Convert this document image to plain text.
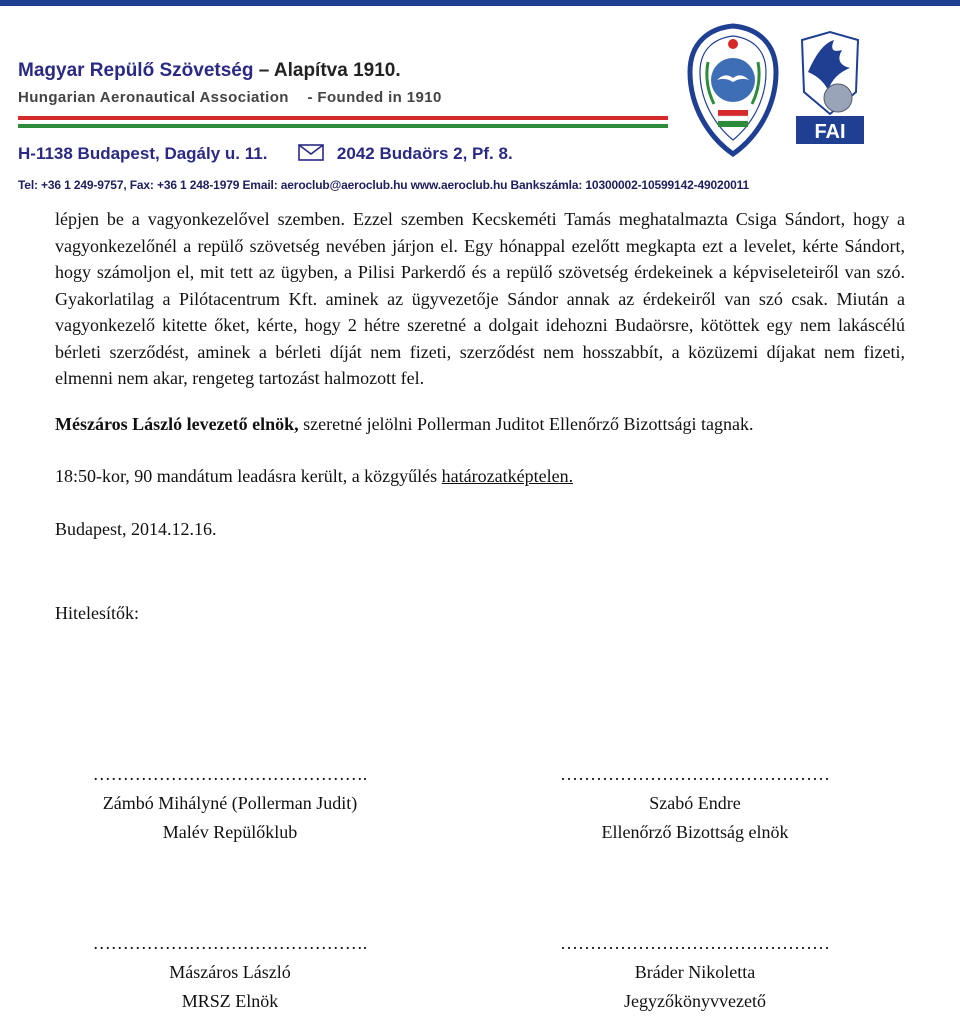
Magyar Repülő Szövetség – Alapítva 1910.
Hungarian Aeronautical Association - Founded in 1910
H-1138 Budapest, Dagály u. 11.	2042 Budaörs 2, Pf. 8.
Tel: +36 1 249-9757, Fax: +36 1 248-1979 Email: aeroclub@aeroclub.hu www.aeroclub.hu Bankszámla: 10300002-10599142-49020011
FAI

lépjen be a vagyonkezelővel szemben. Ezzel szemben Kecskeméti Tamás meghatalmazta Csiga Sándort, hogy a vagyonkezelőnél a repülő szövetség nevében járjon el. Egy hónappal ezelőtt megkapta ezt a levelet, kérte Sándort, hogy számoljon el, mit tett az ügyben, a Pilisi Parkerdő és a repülő szövetség érdekeinek a képviseleteiről van szó. Gyakorlatilag a Pilótacentrum Kft. aminek az ügyvezetője Sándor annak az érdekeiről van szó csak. Miután a vagyonkezelő kitette őket, kérte, hogy 2 hétre szeretné a dolgait idehozni Budaörsre, kötöttek egy nem lakáscélú bérleti szerződést, aminek a bérleti díját nem fizeti, szerződést nem hosszabbít, a közüzemi díjakat nem fizeti, elmenni nem akar, rengeteg tartozást halmozott fel.

Mészáros László levezető elnök, szeretné jelölni Pollerman Juditot Ellenőrző Bizottsági tagnak.

18:50-kor, 90 mandátum leadásra került, a közgyűlés határozatképtelen.

Budapest, 2014.12.16.

Hitelesítők:

……………………………………….
Zámbó Mihályné (Pollerman Judit)
Malév Repülőklub
………………………………………
Szabó Endre
Ellenőrző Bizottság elnök
……………………………………….
Mászáros László
MRSZ Elnök
………………………………………
Bráder Nikoletta
Jegyzőkönyvvezető
